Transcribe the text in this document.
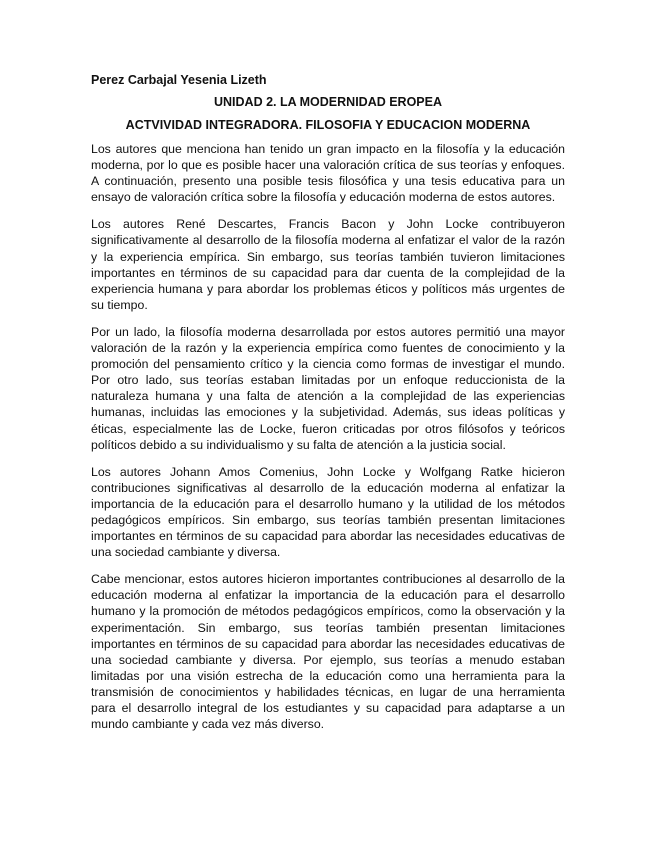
Perez Carbajal Yesenia Lizeth
UNIDAD 2. LA MODERNIDAD EROPEA
ACTVIVIDAD INTEGRADORA. FILOSOFIA Y EDUCACION MODERNA

Los autores que menciona han tenido un gran impacto en la filosofía y la educación moderna, por lo que es posible hacer una valoración crítica de sus teorías y enfoques. A continuación, presento una posible tesis filosófica y una tesis educativa para un ensayo de valoración crítica sobre la filosofía y educación moderna de estos autores.

Los autores René Descartes, Francis Bacon y John Locke contribuyeron significativamente al desarrollo de la filosofía moderna al enfatizar el valor de la razón y la experiencia empírica. Sin embargo, sus teorías también tuvieron limitaciones importantes en términos de su capacidad para dar cuenta de la complejidad de la experiencia humana y para abordar los problemas éticos y políticos más urgentes de su tiempo.

Por un lado, la filosofía moderna desarrollada por estos autores permitió una mayor valoración de la razón y la experiencia empírica como fuentes de conocimiento y la promoción del pensamiento crítico y la ciencia como formas de investigar el mundo. Por otro lado, sus teorías estaban limitadas por un enfoque reduccionista de la naturaleza humana y una falta de atención a la complejidad de las experiencias humanas, incluidas las emociones y la subjetividad. Además, sus ideas políticas y éticas, especialmente las de Locke, fueron criticadas por otros filósofos y teóricos políticos debido a su individualismo y su falta de atención a la justicia social.

Los autores Johann Amos Comenius, John Locke y Wolfgang Ratke hicieron contribuciones significativas al desarrollo de la educación moderna al enfatizar la importancia de la educación para el desarrollo humano y la utilidad de los métodos pedagógicos empíricos. Sin embargo, sus teorías también presentan limitaciones importantes en términos de su capacidad para abordar las necesidades educativas de una sociedad cambiante y diversa.

Cabe mencionar, estos autores hicieron importantes contribuciones al desarrollo de la educación moderna al enfatizar la importancia de la educación para el desarrollo humano y la promoción de métodos pedagógicos empíricos, como la observación y la experimentación. Sin embargo, sus teorías también presentan limitaciones importantes en términos de su capacidad para abordar las necesidades educativas de una sociedad cambiante y diversa. Por ejemplo, sus teorías a menudo estaban limitadas por una visión estrecha de la educación como una herramienta para la transmisión de conocimientos y habilidades técnicas, en lugar de una herramienta para el desarrollo integral de los estudiantes y su capacidad para adaptarse a un mundo cambiante y cada vez más diverso.
